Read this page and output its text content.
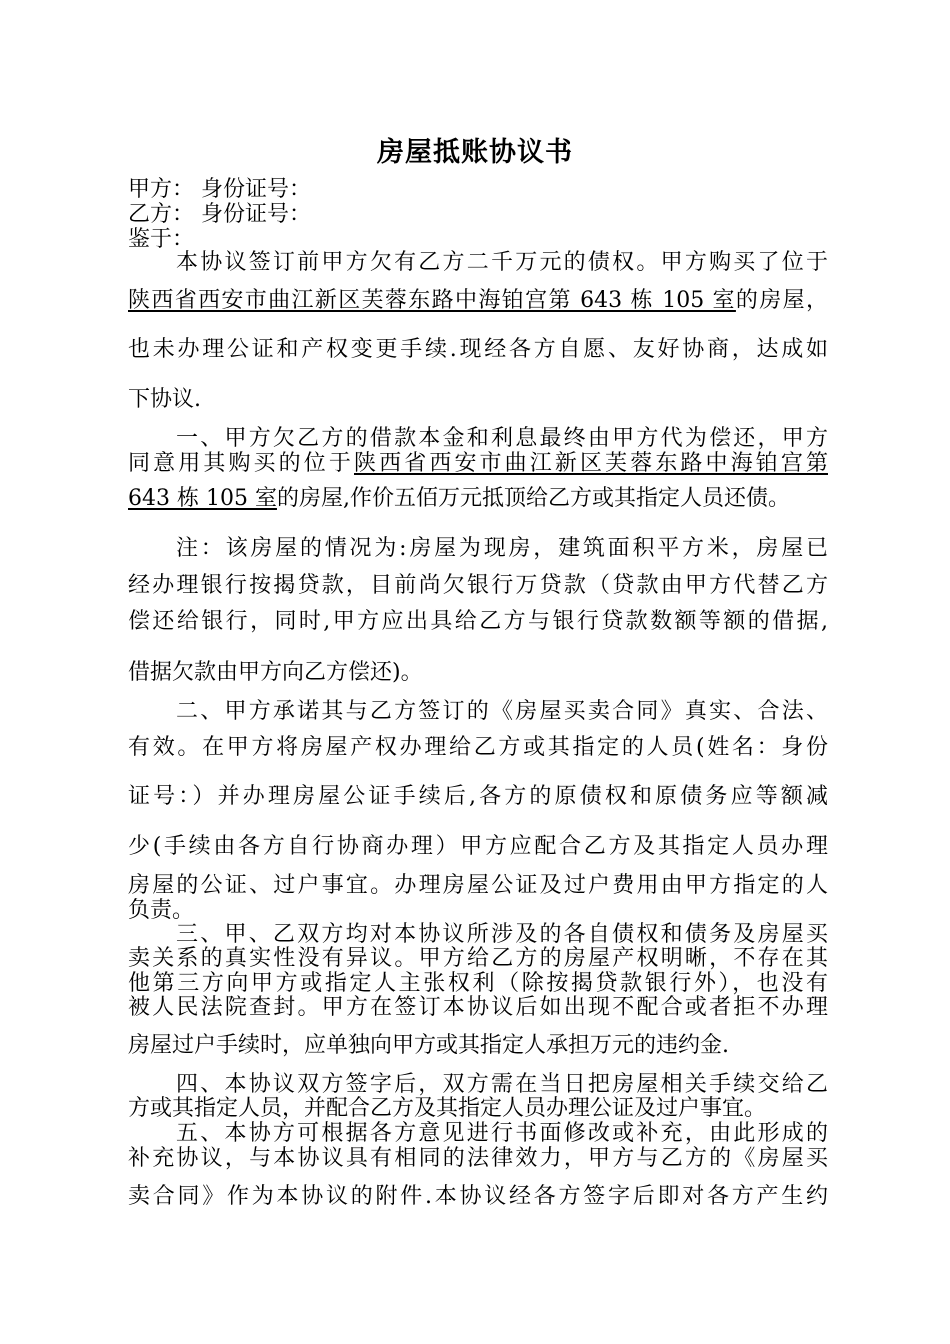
房屋抵账协议书
甲方： 身份证号：
乙方： 身份证号：
鉴于：
本协议签订前甲方欠有乙方二千万元的债权。甲方购买了位于
陕西省西安市曲江新区芙蓉东路中海铂宫第 643 栋 105 室的房屋，
也未办理公证和产权变更手续.现经各方自愿、友好协商，达成如
下协议.
一、甲方欠乙方的借款本金和利息最终由甲方代为偿还，甲方
同意用其购买的位于陕西省西安市曲江新区芙蓉东路中海铂宫第
643 栋 105 室的房屋,作价五佰万元抵顶给乙方或其指定人员还债。
注：该房屋的情况为:房屋为现房，建筑面积平方米，房屋已
经办理银行按揭贷款，目前尚欠银行万贷款（贷款由甲方代替乙方
偿还给银行，同时,甲方应出具给乙方与银行贷款数额等额的借据,
借据欠款由甲方向乙方偿还)。
二、甲方承诺其与乙方签订的《房屋买卖合同》真实、合法、
有效。在甲方将房屋产权办理给乙方或其指定的人员(姓名：身份
证号：）并办理房屋公证手续后,各方的原债权和原债务应等额减
少(手续由各方自行协商办理）甲方应配合乙方及其指定人员办理
房屋的公证、过户事宜。办理房屋公证及过户费用由甲方指定的人
负责。
三、甲、乙双方均对本协议所涉及的各自债权和债务及房屋买
卖关系的真实性没有异议。甲方给乙方的房屋产权明晰，不存在其
他第三方向甲方或指定人主张权利（除按揭贷款银行外），也没有
被人民法院查封。甲方在签订本协议后如出现不配合或者拒不办理
房屋过户手续时，应单独向甲方或其指定人承担万元的违约金.
四、本协议双方签字后，双方需在当日把房屋相关手续交给乙
方或其指定人员，并配合乙方及其指定人员办理公证及过户事宜。
五、本协方可根据各方意见进行书面修改或补充，由此形成的
补充协议，与本协议具有相同的法律效力，甲方与乙方的《房屋买
卖合同》作为本协议的附件.本协议经各方签字后即对各方产生约
